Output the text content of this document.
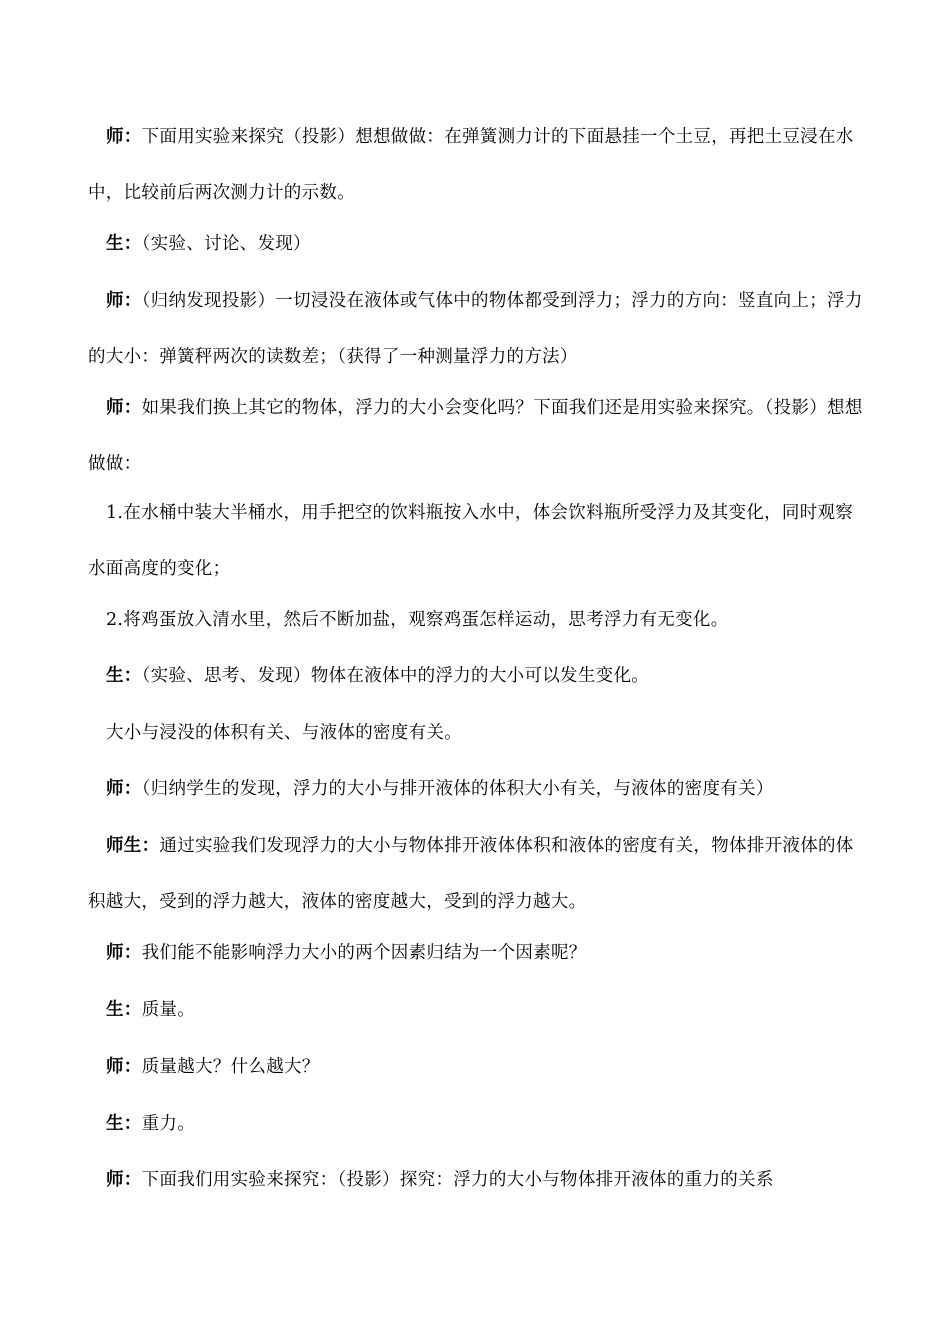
师：下面用实验来探究（投影）想想做做：在弹簧测力计的下面悬挂一个土豆，再把土豆浸在水中，比较前后两次测力计的示数。

生：（实验、讨论、发现）

师：（归纳发现投影）一切浸没在液体或气体中的物体都受到浮力；浮力的方向：竖直向上；浮力的大小：弹簧秤两次的读数差；（获得了一种测量浮力的方法）

师：如果我们换上其它的物体，浮力的大小会变化吗？下面我们还是用实验来探究。（投影）想想做做：

1.在水桶中装大半桶水，用手把空的饮料瓶按入水中，体会饮料瓶所受浮力及其变化，同时观察水面高度的变化；

2.将鸡蛋放入清水里，然后不断加盐，观察鸡蛋怎样运动，思考浮力有无变化。

生：（实验、思考、发现）物体在液体中的浮力的大小可以发生变化。

大小与浸没的体积有关、与液体的密度有关。

师：（归纳学生的发现，浮力的大小与排开液体的体积大小有关，与液体的密度有关）

师生：通过实验我们发现浮力的大小与物体排开液体体积和液体的密度有关，物体排开液体的体积越大，受到的浮力越大，液体的密度越大，受到的浮力越大。

师：我们能不能影响浮力大小的两个因素归结为一个因素呢？

生：质量。

师：质量越大？什么越大？

生：重力。

师：下面我们用实验来探究：（投影）探究：浮力的大小与物体排开液体的重力的关系
